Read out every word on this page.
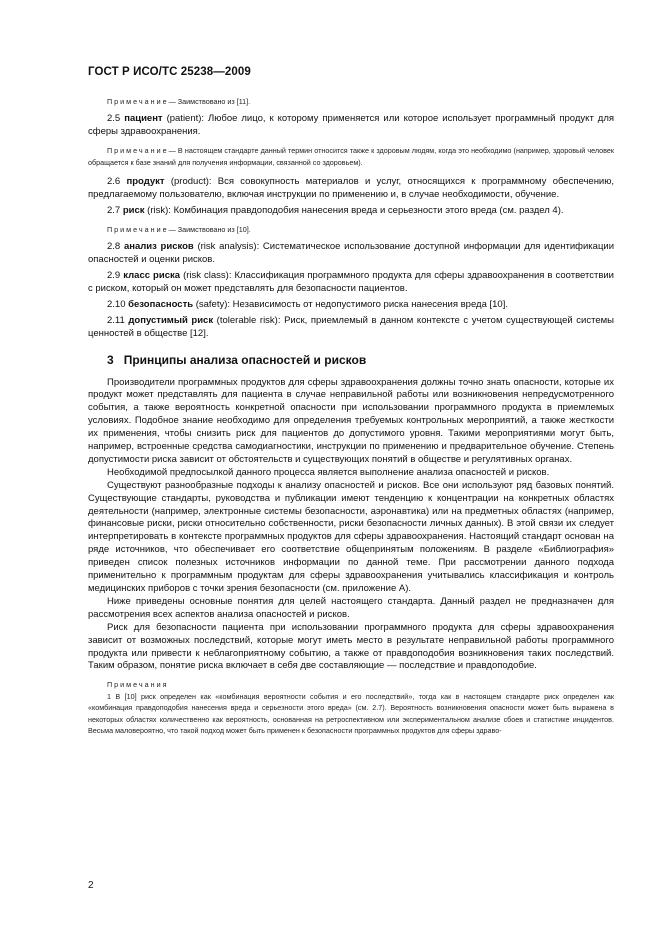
ГОСТ Р ИСО/ТС 25238—2009

Примечание— Заимствовано из [11].

2.5 пациент (patient): Любое лицо, к которому применяется или которое использует программный продукт для сферы здравоохранения.

Примечание— В настоящем стандарте данный термин относится также к здоровым людям, когда это необходимо (например, здоровый человек обращается к базе знаний для получения информации, связанной со здоровьем).

2.6 продукт (product): Вся совокупность материалов и услуг, относящихся к программному обеспечению, предлагаемому пользователю, включая инструкции по применению и, в случае необходимости, обучение.

2.7 риск (risk): Комбинация правдоподобия нанесения вреда и серьезности этого вреда (см. раздел 4).

Примечание— Заимствовано из [10].

2.8 анализ рисков (risk analysis): Систематическое использование доступной информации для идентификации опасностей и оценки рисков.

2.9 класс риска (risk class): Классификация программного продукта для сферы здравоохранения в соответствии с риском, который он может представлять для безопасности пациентов.

2.10 безопасность (safety): Независимость от недопустимого риска нанесения вреда [10].

2.11 допустимый риск (tolerable risk): Риск, приемлемый в данном контексте с учетом существующей системы ценностей в обществе [12].

3 Принципы анализа опасностей и рисков

Производители программных продуктов для сферы здравоохранения должны точно знать опасности, которые их продукт может представлять для пациента в случае неправильной работы или возникновения непредусмотренного события, а также вероятность конкретной опасности при использовании программного продукта в приемлемых условиях. Подобное знание необходимо для определения требуемых контрольных мероприятий, а также жесткости их применения, чтобы снизить риск для пациентов до допустимого уровня. Такими мероприятиями могут быть, например, встроенные средства самодиагностики, инструкции по применению и предварительное обучение. Степень допустимости риска зависит от обстоятельств и существующих понятий в обществе и регулятивных органах.

Необходимой предпосылкой данного процесса является выполнение анализа опасностей и рисков.

Существуют разнообразные подходы к анализу опасностей и рисков. Все они используют ряд базовых понятий. Существующие стандарты, руководства и публикации имеют тенденцию к концентрации на конкретных областях деятельности (например, электронные системы безопасности, аэронавтика) или на предметных областях (например, финансовые риски, риски относительно собственности, риски безопасности личных данных). В этой связи их следует интерпретировать в контексте программных продуктов для сферы здравоохранения. Настоящий стандарт основан на ряде источников, что обеспечивает его соответствие общепринятым положениям. В разделе «Библиография» приведен список полезных источников информации по данной теме. При рассмотрении данного подхода применительно к программным продуктам для сферы здравоохранения учитывались классификация и контроль медицинских приборов с точки зрения безопасности (см. приложение А).

Ниже приведены основные понятия для целей настоящего стандарта. Данный раздел не предназначен для рассмотрения всех аспектов анализа опасностей и рисков.

Риск для безопасности пациента при использовании программного продукта для сферы здравоохранения зависит от возможных последствий, которые могут иметь место в результате неправильной работы программного продукта или привести к неблагоприятному событию, а также от правдоподобия возникновения таких последствий. Таким образом, понятие риска включает в себя две составляющие — последствие и правдоподобие.

Примечания

1 В [10] риск определен как «комбинация вероятности события и его последствий», тогда как в настоящем стандарте риск определен как «комбинация правдоподобия нанесения вреда и серьезности этого вреда» (см. 2.7). Вероятность возникновения опасности может быть выражена в некоторых областях количественно как вероятность, основанная на ретроспективном или экспериментальном анализе сбоев и статистике инцидентов. Весьма маловероятно, что такой подход может быть применен к безопасности программных продуктов для сферы здраво-

2
